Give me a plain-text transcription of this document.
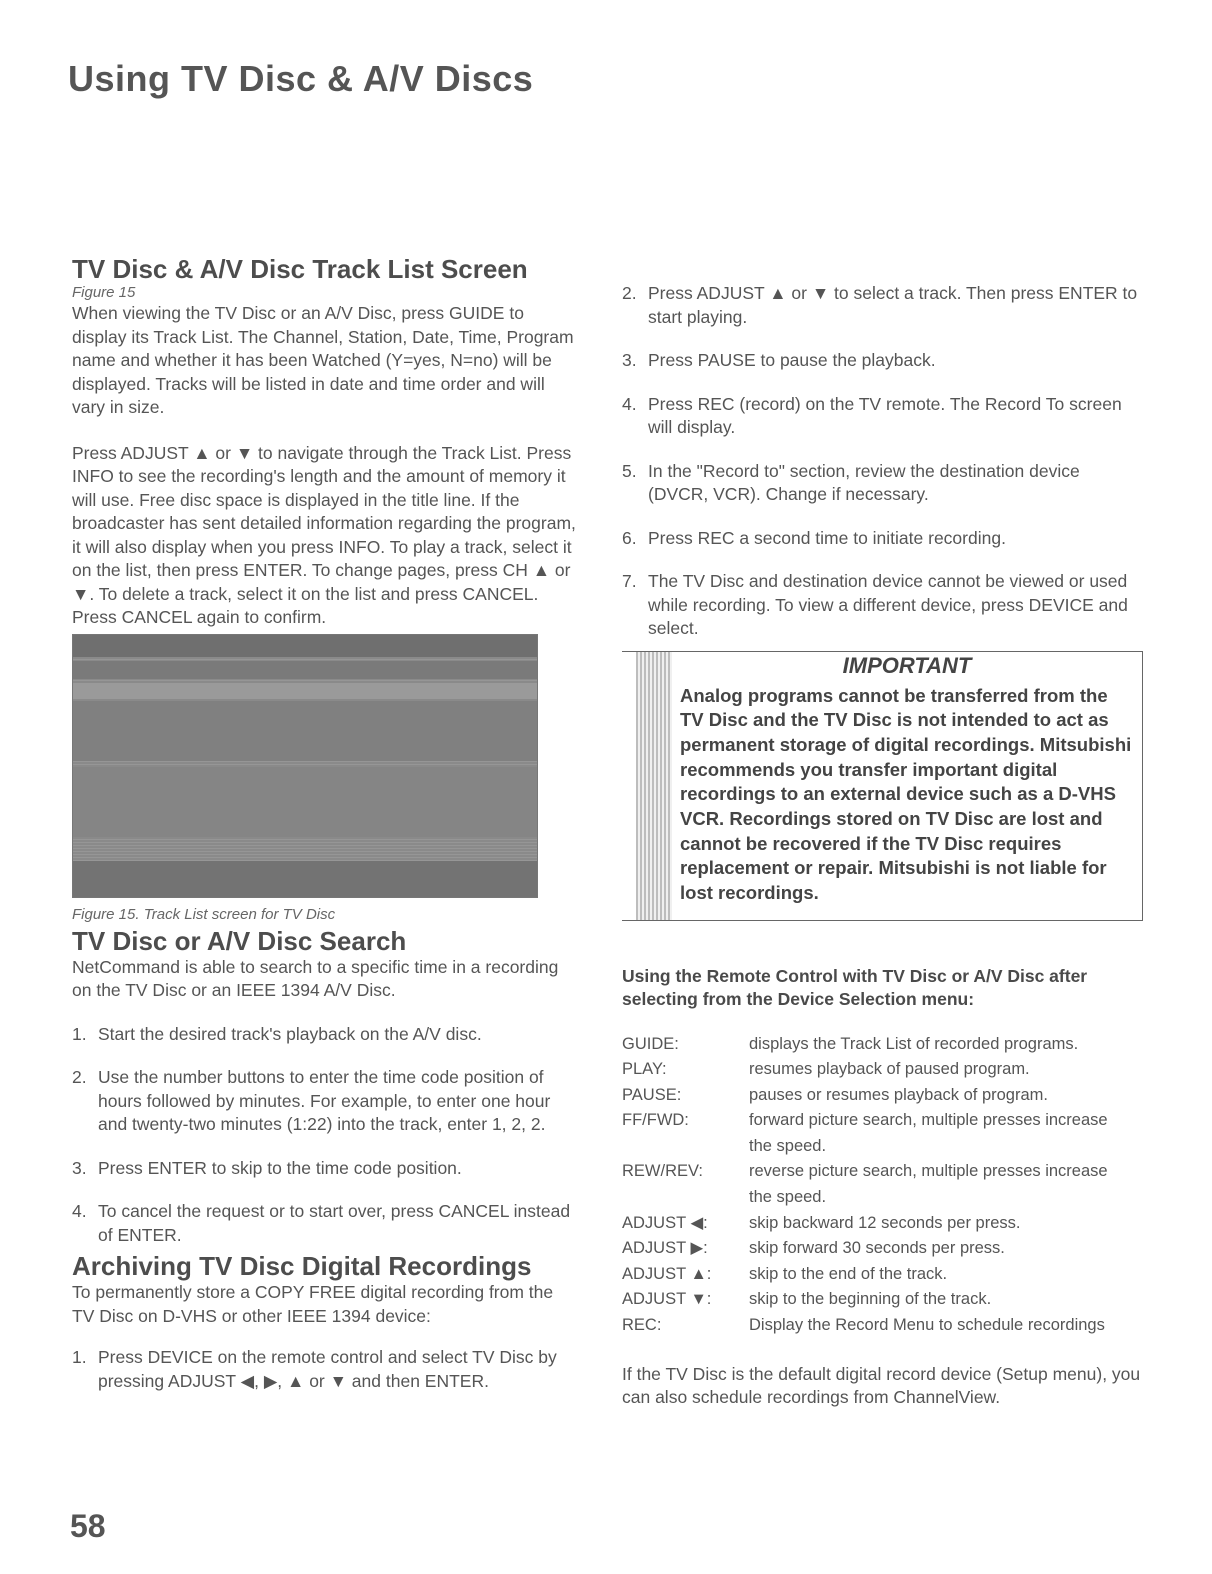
Using TV Disc & A/V Discs
TV Disc & A/V Disc Track List Screen
Figure 15

When viewing the TV Disc or an A/V Disc, press GUIDE to display its Track List. The Channel, Station, Date, Time, Program name and whether it has been Watched (Y=yes, N=no) will be displayed. Tracks will be listed in date and time order and will vary in size.

Press ADJUST ▲ or ▼ to navigate through the Track List. Press INFO to see the recording's length and the amount of memory it will use. Free disc space is displayed in the title line. If the broadcaster has sent detailed information regarding the program, it will also display when you press INFO. To play a track, select it on the list, then press ENTER. To change pages, press CH ▲ or ▼. To delete a track, select it on the list and press CANCEL. Press CANCEL again to confirm.

Figure 15. Track List screen for TV Disc
TV Disc or A/V Disc Search

NetCommand is able to search to a specific time in a recording on the TV Disc or an IEEE 1394 A/V Disc.

1. Start the desired track's playback on the A/V disc.
2. Use the number buttons to enter the time code position of hours followed by minutes. For example, to enter one hour and twenty-two minutes (1:22) into the track, enter 1, 2, 2.
3. Press ENTER to skip to the time code position.
4. To cancel the request or to start over, press CANCEL instead of ENTER.
Archiving TV Disc Digital Recordings

To permanently store a COPY FREE digital recording from the TV Disc on D-VHS or other IEEE 1394 device:

1. Press DEVICE on the remote control and select TV Disc by pressing ADJUST ◀, ▶, ▲ or ▼ and then ENTER.
2. Press ADJUST ▲ or ▼ to select a track. Then press ENTER to start playing.
3. Press PAUSE to pause the playback.
4. Press REC (record) on the TV remote. The Record To screen will display.
5. In the "Record to" section, review the destination device (DVCR, VCR). Change if necessary.
6. Press REC a second time to initiate recording.
7. The TV Disc and destination device cannot be viewed or used while recording. To view a different device, press DEVICE and select.
IMPORTANT
Analog programs cannot be transferred from the TV Disc and the TV Disc is not intended to act as permanent storage of digital recordings. Mitsubishi recommends you transfer important digital recordings to an external device such as a D-VHS VCR. Recordings stored on TV Disc are lost and cannot be recovered if the TV Disc requires replacement or repair. Mitsubishi is not liable for lost recordings.
Using the Remote Control with TV Disc or A/V Disc after selecting from the Device Selection menu:
GUIDE:	displays the Track List of recorded programs.
PLAY:	resumes playback of paused program.
PAUSE:	pauses or resumes playback of program.
FF/FWD:	forward picture search, multiple presses increase the speed.
REW/REV:	reverse picture search, multiple presses increase the speed.
ADJUST ◀:	skip backward 12 seconds per press.
ADJUST ▶:	skip forward 30 seconds per press.
ADJUST ▲:	skip to the end of the track.
ADJUST ▼:	skip to the beginning of the track.
REC:	Display the Record Menu to schedule recordings

If the TV Disc is the default digital record device (Setup menu), you can also schedule recordings from ChannelView.

58
